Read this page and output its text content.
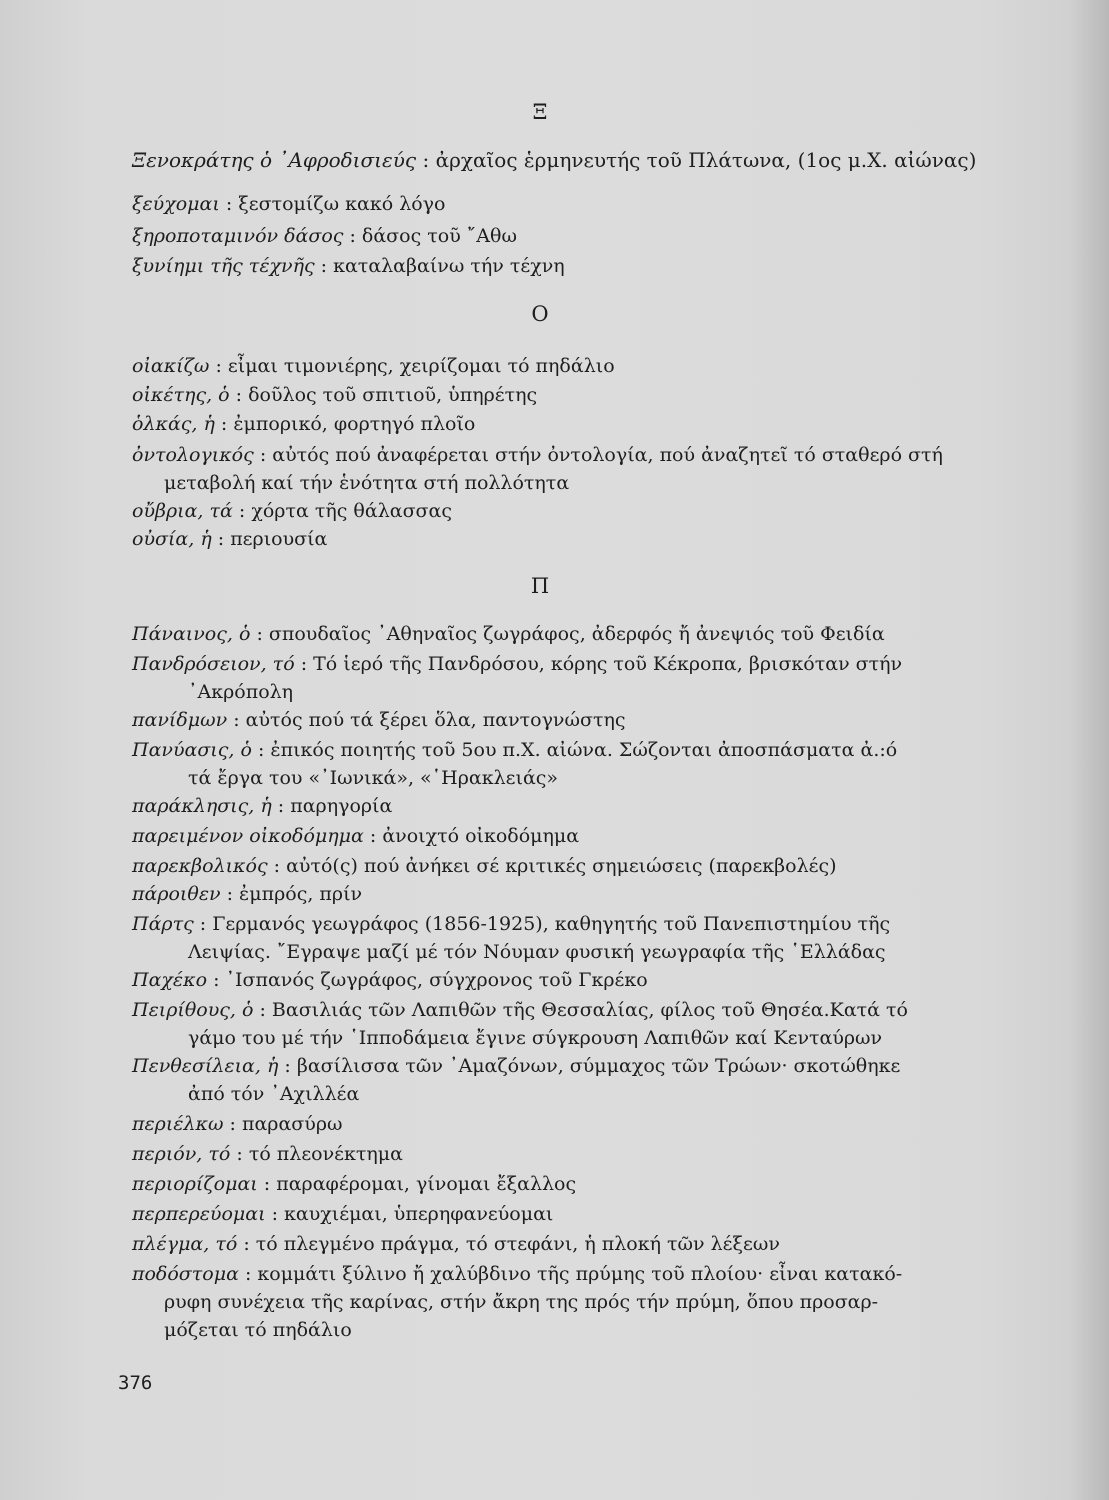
Ξ
Ξενοκράτης ὁ ᾿Αφροδισιεύς : ἀρχαῖος ἑρμηνευτής τοῦ Πλάτωνα, (1ος μ.Χ. αἰώνας)
ξεύχομαι : ξεστομίζω κακό λόγο
ξηροποταμινόν δάσος : δάσος τοῦ ῎Αθω
ξυνίημι τῆς τέχνῆς : καταλαβαίνω τήν τέχνη
Ο
οἰακίζω : εἶμαι τιμονιέρης, χειρίζομαι τό πηδάλιο
οἰκέτης, ὁ : δοῦλος τοῦ σπιτιοῦ, ὑπηρέτης
ὁλκάς, ἡ : ἐμπορικό, φορτηγό πλοῖο
ὀντολογικός : αὐτός πού ἀναφέρεται στήν ὀντολογία, πού ἀναζητεῖ τό σταθερό στή
μεταβολή καί τήν ἑνότητα στή πολλότητα
οὔβρια, τά : χόρτα τῆς θάλασσας
οὐσία, ἡ : περιουσία
Π
Πάναινος, ὁ : σπουδαῖος ᾿Αθηναῖος ζωγράφος, ἀδερφός ἤ ἀνεψιός τοῦ Φειδία
Πανδρόσειον, τό : Τό ἱερό τῆς Πανδρόσου, κόρης τοῦ Κέκροπα, βρισκόταν στήν
᾿Ακρόπολη
πανίδμων : αὐτός πού τά ξέρει ὅλα, παντογνώστης
Πανύασις, ὁ : ἐπικός ποιητής τοῦ 5ου π.Χ. αἰώνα. Σώζονται ἀποσπάσματα ἀ.:ό
τά ἔργα του «᾿Ιωνικά», «῾Ηρακλειάς»
παράκλησις, ἡ : παρηγορία
παρειμένον οἰκοδόμημα : ἀνοιχτό οἰκοδόμημα
παρεκβολικός : αὐτό(ς) πού ἀνήκει σέ κριτικές σημειώσεις (παρεκβολές)
πάροιθεν : ἐμπρός, πρίν
Πάρτς : Γερμανός γεωγράφος (1856-1925), καθηγητής τοῦ Πανεπιστημίου τῆς
Λειψίας. ῎Εγραψε μαζί μέ τόν Νόυμαν φυσική γεωγραφία τῆς ῾Ελλάδας
Παχέκο : ᾿Ισπανός ζωγράφος, σύγχρονος τοῦ Γκρέκο
Πειρίθους, ὁ : Βασιλιάς τῶν Λαπιθῶν τῆς Θεσσαλίας, φίλος τοῦ Θησέα.Κατά τό
γάμο του μέ τήν ῾Ιπποδάμεια ἔγινε σύγκρουση Λαπιθῶν καί Κενταύρων
Πενθεσίλεια, ἡ : βασίλισσα τῶν ᾿Αμαζόνων, σύμμαχος τῶν Τρώων· σκοτώθηκε
ἀπό τόν ᾿Αχιλλέα
περιέλκω : παρασύρω
περιόν, τό : τό πλεονέκτημα
περιορίζομαι : παραφέρομαι, γίνομαι ἔξαλλος
περπερεύομαι : καυχιέμαι, ὑπερηφανεύομαι
πλέγμα, τό : τό πλεγμένο πράγμα, τό στεφάνι, ἡ πλοκή τῶν λέξεων
ποδόστομα : κομμάτι ξύλινο ἤ χαλύβδινο τῆς πρύμης τοῦ πλοίου· εἶναι κατακό-
ρυφη συνέχεια τῆς καρίνας, στήν ἄκρη της πρός τήν πρύμη, ὅπου προσαρ-
μόζεται τό πηδάλιο
376
